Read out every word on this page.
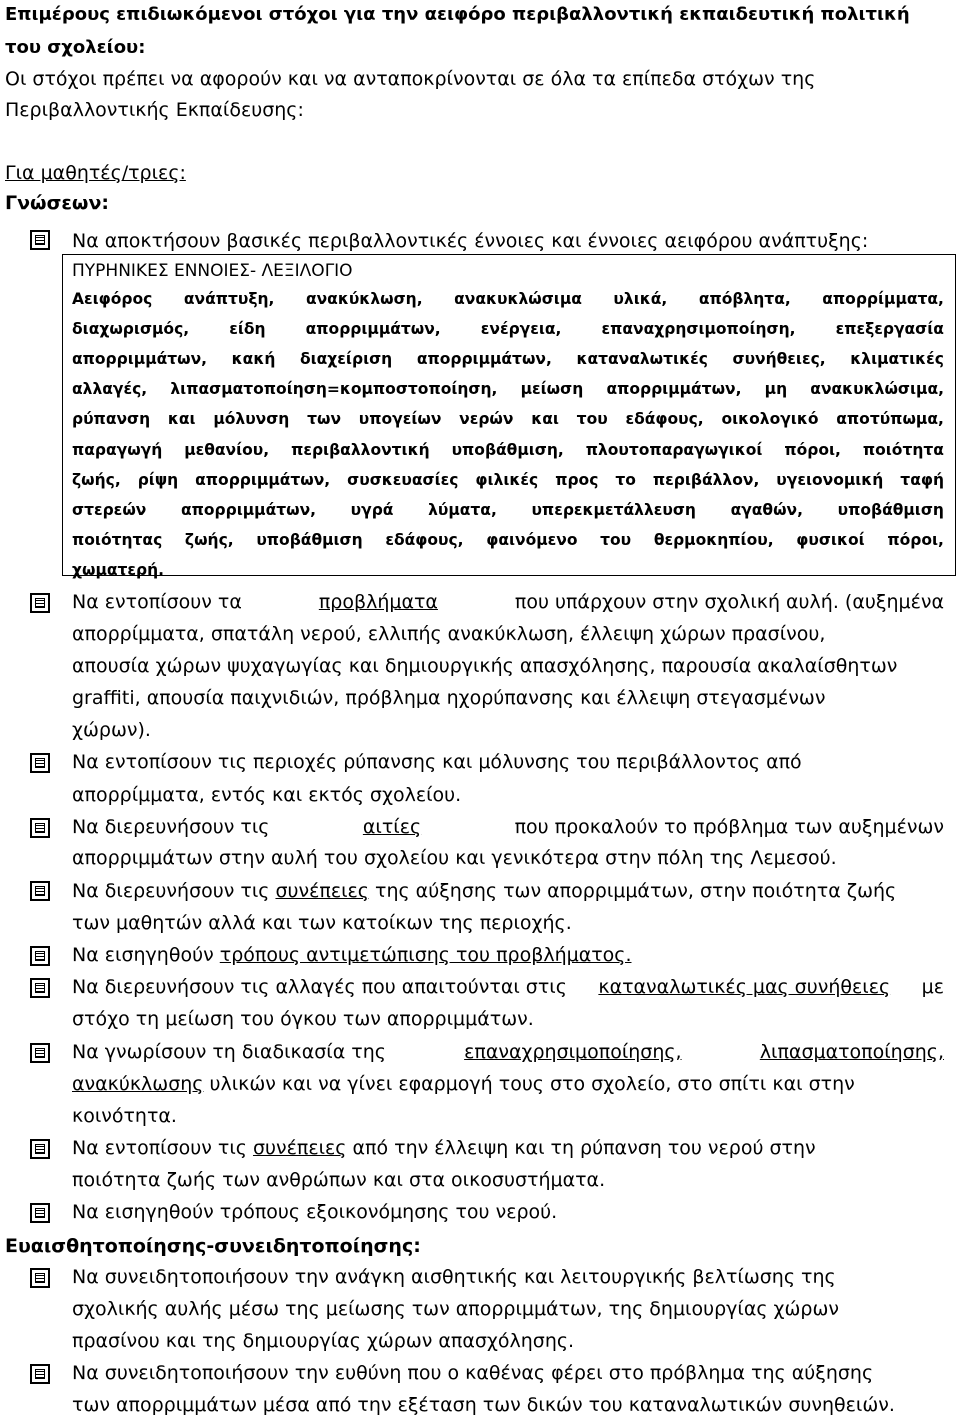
Επιμέρους επιδιωκόμενοι στόχοι για την αειφόρο περιβαλλοντική εκπαιδευτική πολιτική
του σχολείου:
Οι στόχοι πρέπει να αφορούν και να ανταποκρίνονται σε όλα τα επίπεδα στόχων της
Περιβαλλοντικής Εκπαίδευσης:
Για μαθητές/τριες:
Γνώσεων:
Να αποκτήσουν βασικές περιβαλλοντικές έννοιες και έννοιες αειφόρου ανάπτυξης:
ΠΥΡΗΝΙΚΕΣ ΕΝΝΟΙΕΣ- ΛΕΞΙΛΟΓΙΟ
Αειφόρος ανάπτυξη, ανακύκλωση, ανακυκλώσιμα υλικά, απόβλητα, απορρίμματα,
διαχωρισμός,	είδη	απορριμμάτων,	ενέργεια,	επαναχρησιμοποίηση,	επεξεργασία
απορριμμάτων, κακή διαχείριση απορριμμάτων, καταναλωτικές συνήθειες, κλιματικές
αλλαγές, λιπασματοποίηση=κομποστοποίηση, μείωση απορριμμάτων, μη ανακυκλώσιμα,
ρύπανση και μόλυνση των υπογείων νερών και του εδάφους, οικολογικό αποτύπωμα,
παραγωγή μεθανίου, περιβαλλοντική υποβάθμιση, πλουτοπαραγωγικοί πόροι, ποιότητα
ζωής, ρίψη απορριμμάτων, συσκευασίες φιλικές προς το περιβάλλον, υγειονομική ταφή
στερεών απορριμμάτων, υγρά λύματα, υπερεκμετάλλευση αγαθών, υποβάθμιση
ποιότητας ζωής, υποβάθμιση εδάφους, φαινόμενο του θερμοκηπίου, φυσικοί πόροι,
χωματερή.
Να εντοπίσουν τα	προβλήματα	που υπάρχουν στην σχολική αυλή. (αυξημένα
απορρίμματα, σπατάλη νερού, ελλιπής ανακύκλωση, έλλειψη χώρων πρασίνου,
απουσία χώρων ψυχαγωγίας και δημιουργικής απασχόλησης, παρουσία ακαλαίσθητων
graffiti, απουσία παιχνιδιών, πρόβλημα ηχορύπανσης και έλλειψη στεγασμένων
χώρων).
Να εντοπίσουν τις περιοχές ρύπανσης και μόλυνσης του περιβάλλοντος από
απορρίμματα, εντός και εκτός σχολείου.
Να διερευνήσουν τις	αιτίες	που προκαλούν το πρόβλημα των αυξημένων
απορριμμάτων στην αυλή του σχολείου και γενικότερα στην πόλη της Λεμεσού.
Να διερευνήσουν τις συνέπειες της αύξησης των απορριμμάτων, στην ποιότητα ζωής
των μαθητών αλλά και των κατοίκων της περιοχής.
Να εισηγηθούν τρόπους αντιμετώπισης του προβλήματος.
Να διερευνήσουν τις αλλαγές που απαιτούνται στις καταναλωτικές μας συνήθειες με
στόχο τη μείωση του όγκου των απορριμμάτων.
Να γνωρίσουν τη διαδικασία της	επαναχρησιμοποίησης,	λιπασματοποίησης,
ανακύκλωσης υλικών και να γίνει εφαρμογή τους στο σχολείο, στο σπίτι και στην
κοινότητα.
Να εντοπίσουν τις συνέπειες από την έλλειψη και τη ρύπανση του νερού στην
ποιότητα ζωής των ανθρώπων και στα οικοσυστήματα.
Να εισηγηθούν τρόπους εξοικονόμησης του νερού.
Ευαισθητοποίησης-συνειδητοποίησης:
Να συνειδητοποιήσουν την ανάγκη αισθητικής και λειτουργικής βελτίωσης της
σχολικής αυλής μέσω της μείωσης των απορριμμάτων, της δημιουργίας χώρων
πρασίνου και της δημιουργίας χώρων απασχόλησης.
Να συνειδητοποιήσουν την ευθύνη που ο καθένας φέρει στο πρόβλημα της αύξησης
των απορριμμάτων μέσα από την εξέταση των δικών του καταναλωτικών συνηθειών.
